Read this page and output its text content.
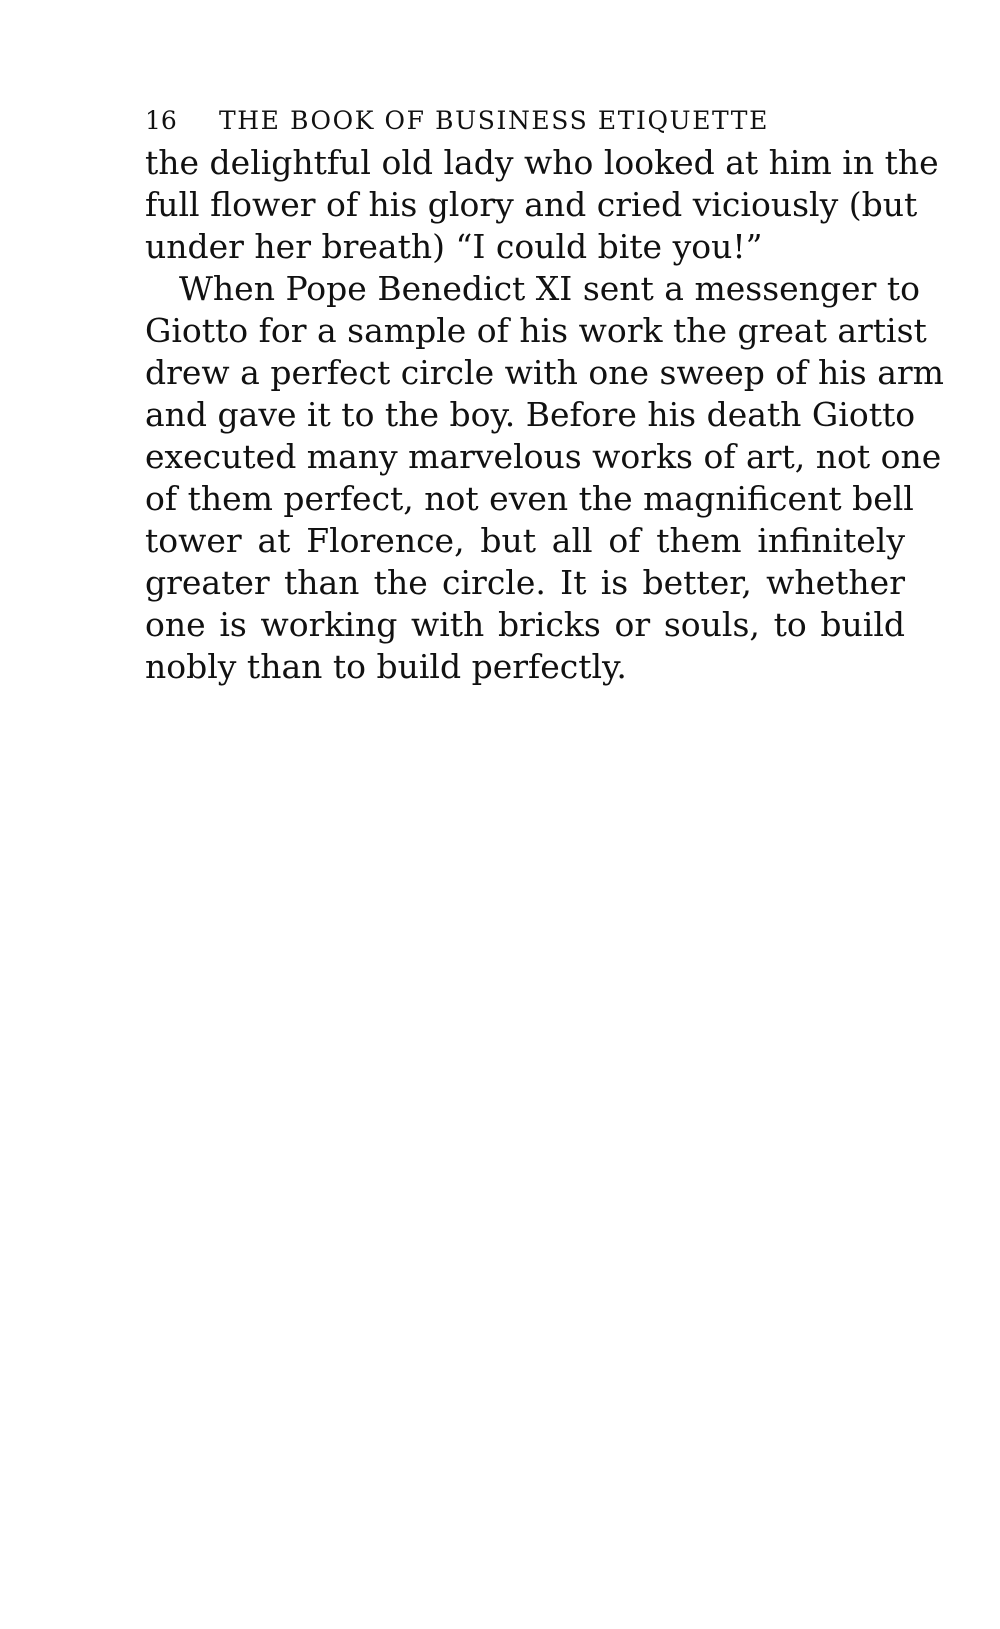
16	THE BOOK OF BUSINESS ETIQUETTE

the delightful old lady who looked at him in the
full flower of his glory and cried viciously (but
under her breath) “I could bite you!”

When Pope Benedict XI sent a messenger to
Giotto for a sample of his work the great artist
drew a perfect circle with one sweep of his arm
and gave it to the boy. Before his death Giotto
executed many marvelous works of art, not one
of them perfect, not even the magnificent bell
tower at Florence, but all of them infinitely
greater than the circle. It is better, whether
one is working with bricks or souls, to build
nobly than to build perfectly.
